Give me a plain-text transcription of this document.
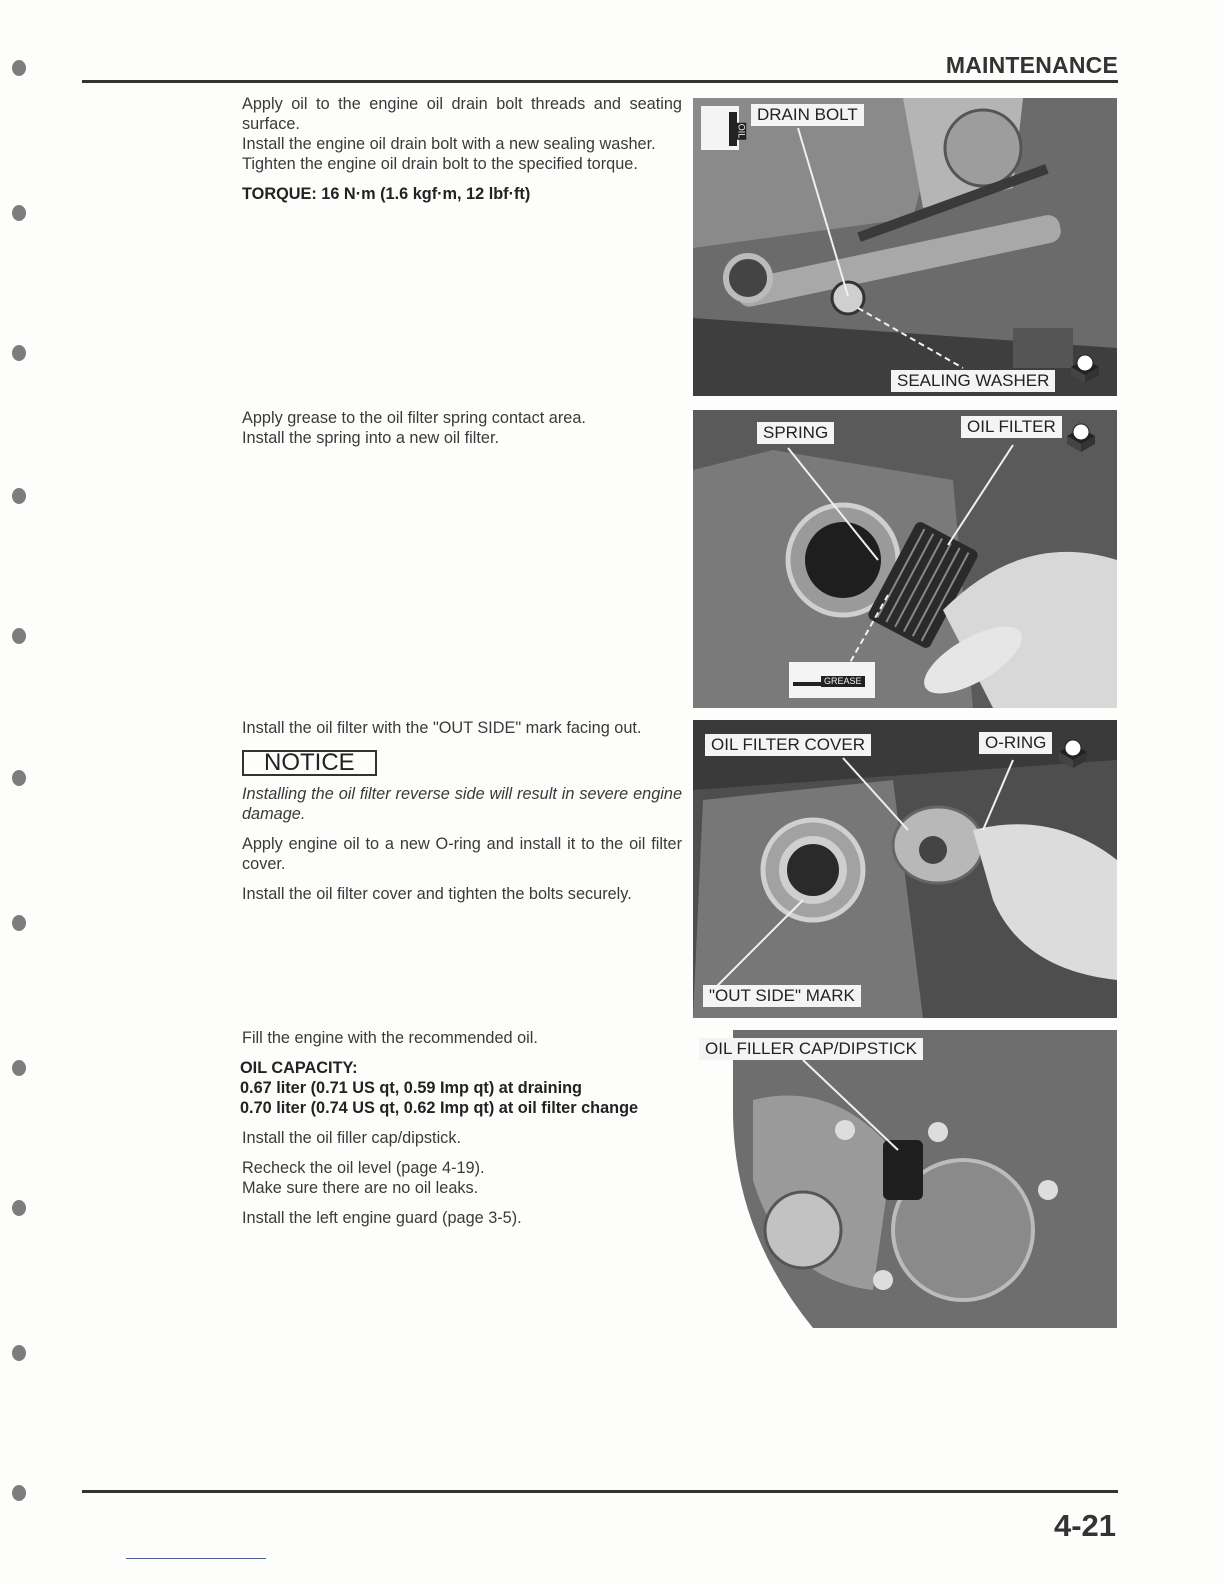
MAINTENANCE
4-21

Apply oil to the engine oil drain bolt threads and seating surface.

Install the engine oil drain bolt with a new sealing washer.

Tighten the engine oil drain bolt to the specified torque.

TORQUE: 16 N·m (1.6 kgf·m, 12 lbf·ft)

Apply grease to the oil filter spring contact area.

Install the spring into a new oil filter.

Install the oil filter with the "OUT SIDE" mark facing out.

NOTICE

Installing the oil filter reverse side will result in severe engine damage.

Apply engine oil to a new O-ring and install it to the oil filter cover.

Install the oil filter cover and tighten the bolts securely.

Fill the engine with the recommended oil.

OIL CAPACITY:

0.67 liter (0.71 US qt, 0.59 Imp qt) at draining

0.70 liter (0.74 US qt, 0.62 Imp qt) at oil filter change

Install the oil filler cap/dipstick.

Recheck the oil level (page 4-19).

Make sure there are no oil leaks.

Install the left engine guard (page 3-5).

DRAIN BOLT
OIL
SEALING WASHER
SPRING	OIL FILTER
GREASE
OIL FILTER COVER	O-RING
"OUT SIDE" MARK
OIL FILLER CAP/DIPSTICK
